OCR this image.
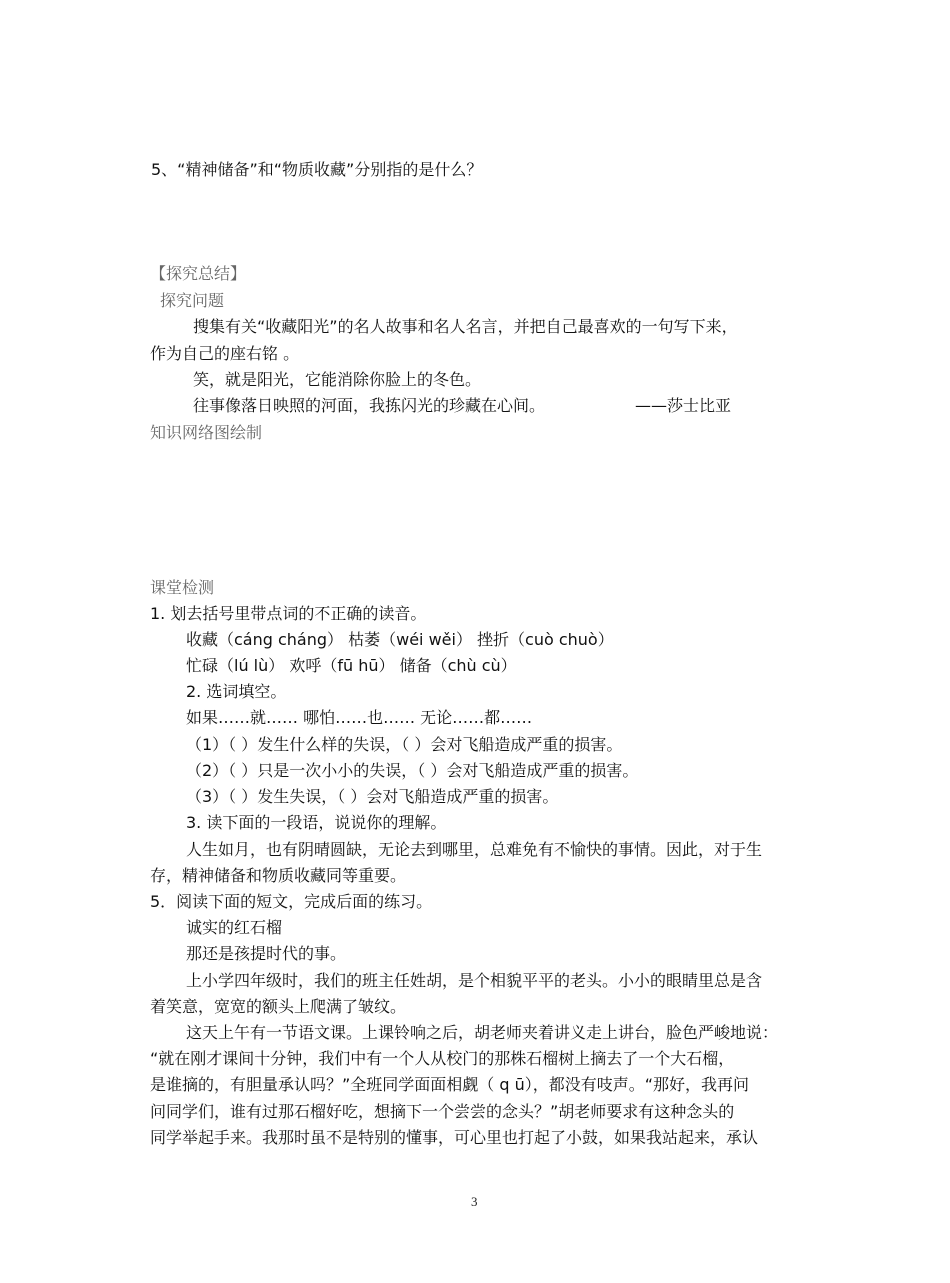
5、“精神储备”和“物质收藏”分别指的是什么？
【探究总结】
探究问题
搜集有关“收藏阳光”的名人故事和名人名言，并把自己最喜欢的一句写下来，
作为自己的座右铭 。
笑，就是阳光，它能消除你脸上的冬色。
往事像落日映照的河面，我拣闪光的珍藏在心间。	——莎士比亚
知识网络图绘制
课堂检测
1. 划去括号里带点词的不正确的读音。
收藏（cáng cháng） 枯萎（wéi wěi） 挫折（cuò chuò）
忙碌（lú lù） 欢呼（fū hū） 储备（chù cù）
2. 选词填空。
如果……就…… 哪怕……也…… 无论……都……
（1）（ ）发生什么样的失误，（ ）会对飞船造成严重的损害。
（2）（ ）只是一次小小的失误，（ ）会对飞船造成严重的损害。
（3）（ ）发生失误，（ ）会对飞船造成严重的损害。
3. 读下面的一段语，说说你的理解。
人生如月，也有阴晴圆缺，无论去到哪里，总难免有不愉快的事情。因此，对于生
存，精神储备和物质收藏同等重要。
5．阅读下面的短文，完成后面的练习。
诚实的红石榴
那还是孩提时代的事。
上小学四年级时，我们的班主任姓胡，是个相貌平平的老头。小小的眼睛里总是含
着笑意，宽宽的额头上爬满了皱纹。
这天上午有一节语文课。上课铃响之后，胡老师夹着讲义走上讲台，脸色严峻地说：
“就在刚才课间十分钟，我们中有一个人从校门的那株石榴树上摘去了一个大石榴，
是谁摘的，有胆量承认吗？”全班同学面面相觑（ q ū），都没有吱声。“那好，我再问
问同学们，谁有过那石榴好吃，想摘下一个尝尝的念头？”胡老师要求有这种念头的
同学举起手来。我那时虽不是特别的懂事，可心里也打起了小鼓，如果我站起来，承认
3
